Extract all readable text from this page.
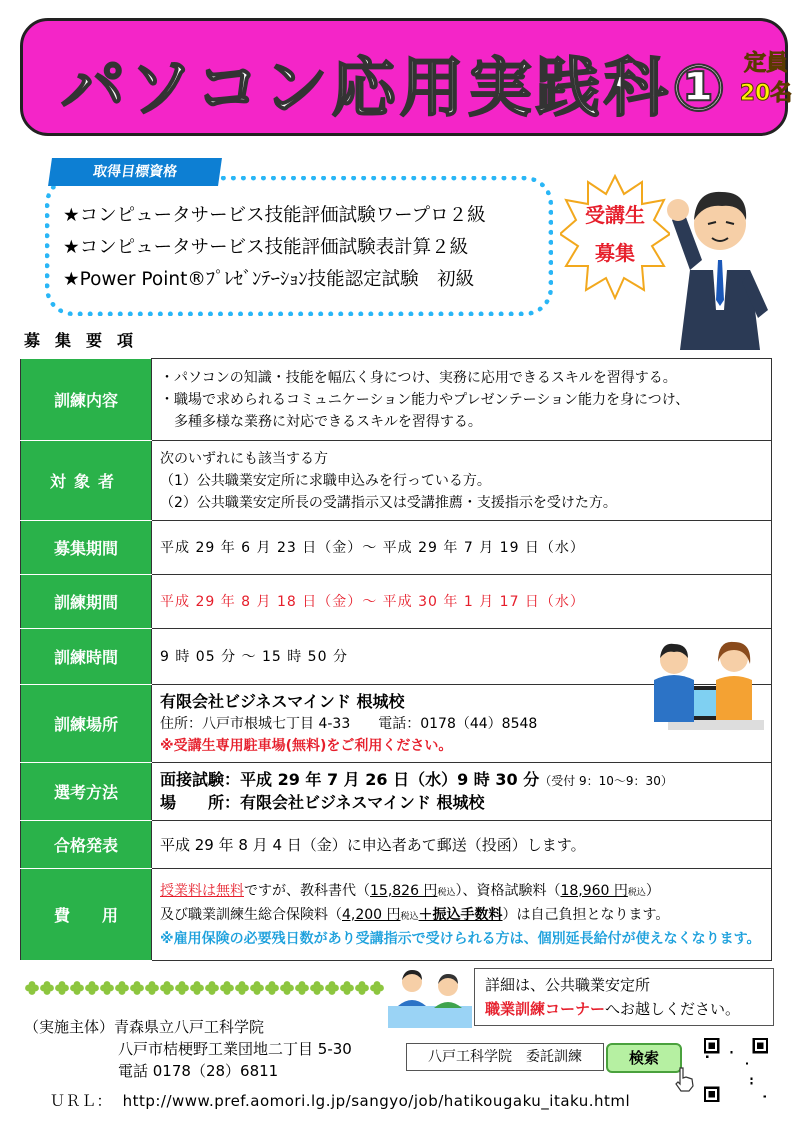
パソコン応用実践科① 定員
20名
取得目標資格
★コンピュータサービス技能評価試験ワープロ２級
★コンピュータサービス技能評価試験表計算２級
★Power Point®ﾌﾟﾚｾﾞﾝﾃｰｼｮﾝ技能認定試験　初級
受講生
募集
募集要項
訓練内容	・パソコンの知識・技能を幅広く身につけ、実務に応用できるスキルを習得する。
・職場で求められるコミュニケーション能力やプレゼンテーション能力を身につけ、
多種多様な業務に対応できるスキルを習得する。

対象者	次のいずれにも該当する方
（1）公共職業安定所に求職申込みを行っている方。
（2）公共職業安定所長の受講指示又は受講推薦・支援指示を受けた方。

募集期間	平成 29 年 6 月 23 日（金）～ 平成 29 年 7 月 19 日（水）
訓練期間	平成 29 年 8 月 18 日（金）～ 平成 30 年 1 月 17 日（水）
訓練時間	9 時 05 分 ～ 15 時 50 分
訓練場所	有限会社ビジネスマインド 根城校
住所：八戸市根城七丁目 4-33　　電話：0178（44）8548
※受講生専用駐車場(無料)をご利用ください。

選考方法	面接試験：平成 29 年 7 月 26 日（水）9 時 30 分（受付 9：10～9：30）
場　　所：有限会社ビジネスマインド 根城校

合格発表	平成 29 年 8 月 4 日（金）に申込者あて郵送（投函）します。
費　　用	授業料は無料ですが、教科書代（15,826 円税込）、資格試験料（18,960 円税込）
及び職業訓練生総合保険料（4,200 円税込＋振込手数料）は自己負担となります。
※雇用保険の必要残日数があり受講指示で受けられる方は、個別延長給付が使えなくなります。
詳細は、公共職業安定所
職業訓練コーナーへお越しください。
（実施主体）青森県立八戸工科学院
八戸市桔梗野工業団地二丁目 5-30
電話 0178（28）6811
八戸工科学院　委託訓練	検索
ＵＲＬ： http://www.pref.aomori.lg.jp/sangyo/job/hatikougaku_itaku.html
